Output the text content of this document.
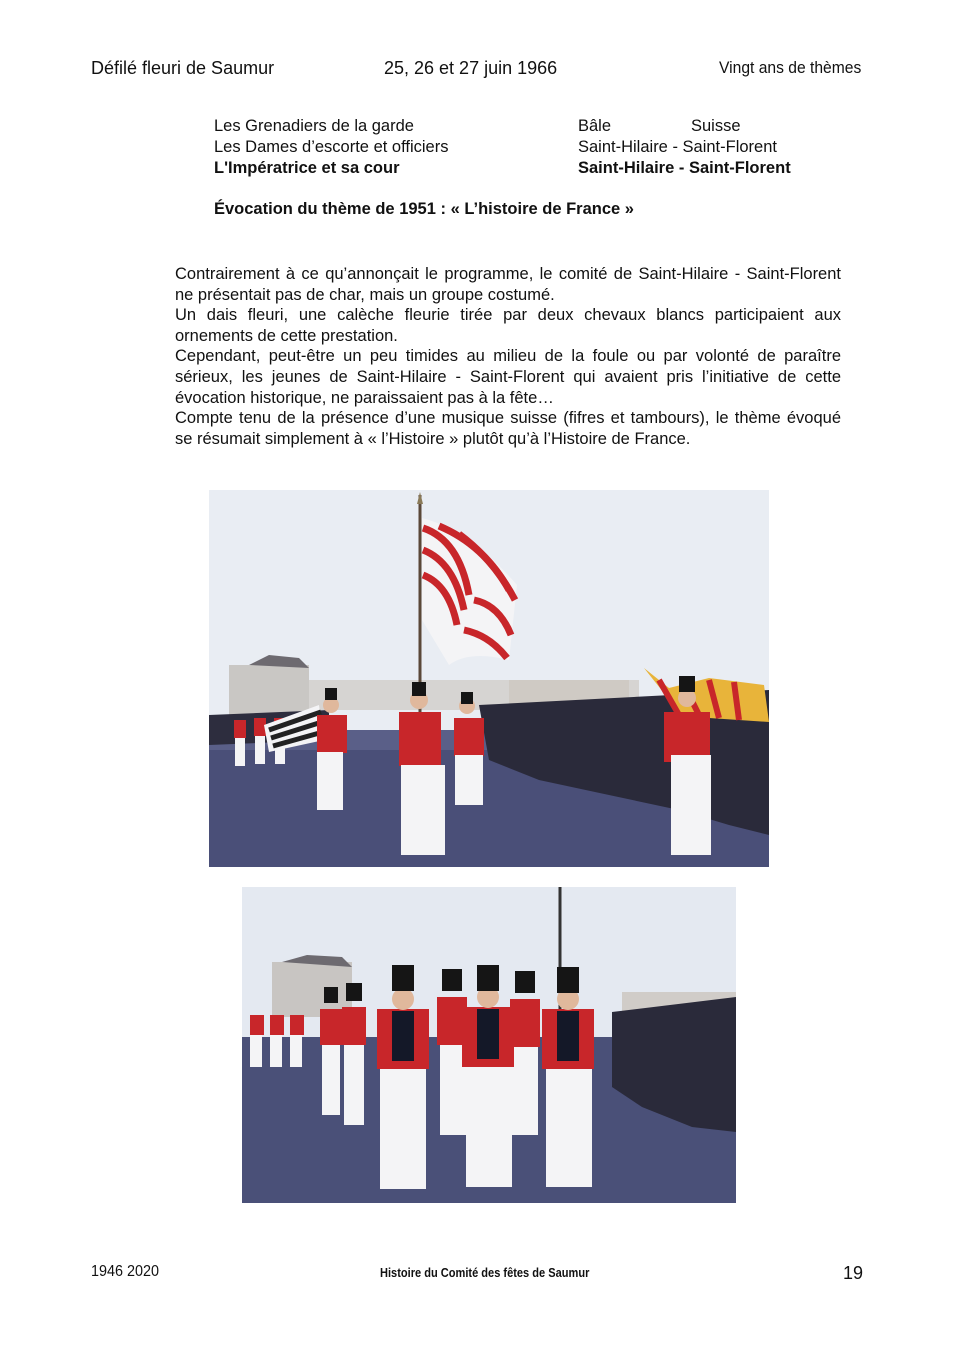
Défilé fleuri de Saumur	25, 26 et 27 juin 1966	Vingt ans de thèmes
Les Grenadiers de la garde	Bâle	Suisse
Les Dames d’escorte et officiers	Saint-Hilaire - Saint-Florent
L'Impératrice et sa cour	Saint-Hilaire - Saint-Florent
Évocation du thème de 1951 : « L’histoire de France »

Contrairement à ce qu’annonçait le programme, le comité de Saint-Hilaire - Saint-Florent ne présentait pas de char, mais un groupe costumé.

Un dais fleuri, une calèche fleurie tirée par deux chevaux blancs participaient aux ornements de cette prestation.

Cependant, peut-être un peu timides au milieu de la foule ou par volonté de paraître sérieux, les jeunes de Saint-Hilaire - Saint-Florent qui avaient pris l’initiative de cette évocation historique, ne paraissaient pas à la fête…

Compte tenu de la présence d’une musique suisse (fifres et tambours), le thème évoqué se résumait simplement à « l’Histoire » plutôt qu’à l’Histoire de France.

1946 2020	Histoire du Comité des fêtes de Saumur	19
